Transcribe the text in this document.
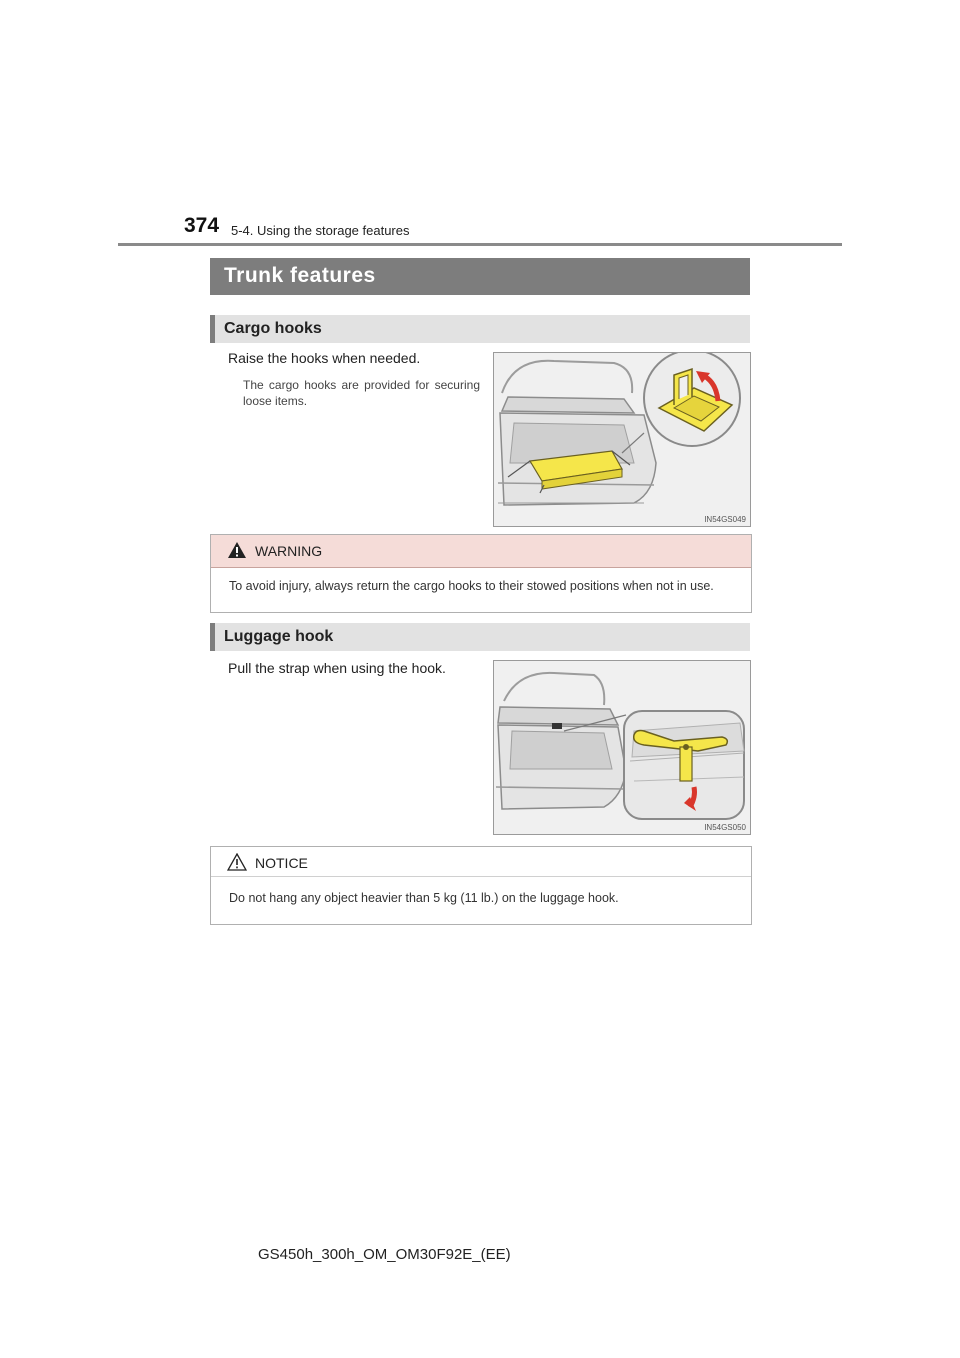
374 5-4. Using the storage features
Trunk features
Cargo hooks
Raise the hooks when needed.
The cargo hooks are provided for securing loose items.
IN54GS049
WARNING
To avoid injury, always return the cargo hooks to their stowed positions when not in use.
Luggage hook
Pull the strap when using the hook.
IN54GS050
NOTICE
Do not hang any object heavier than 5 kg (11 lb.) on the luggage hook.
GS450h_300h_OM_OM30F92E_(EE)
